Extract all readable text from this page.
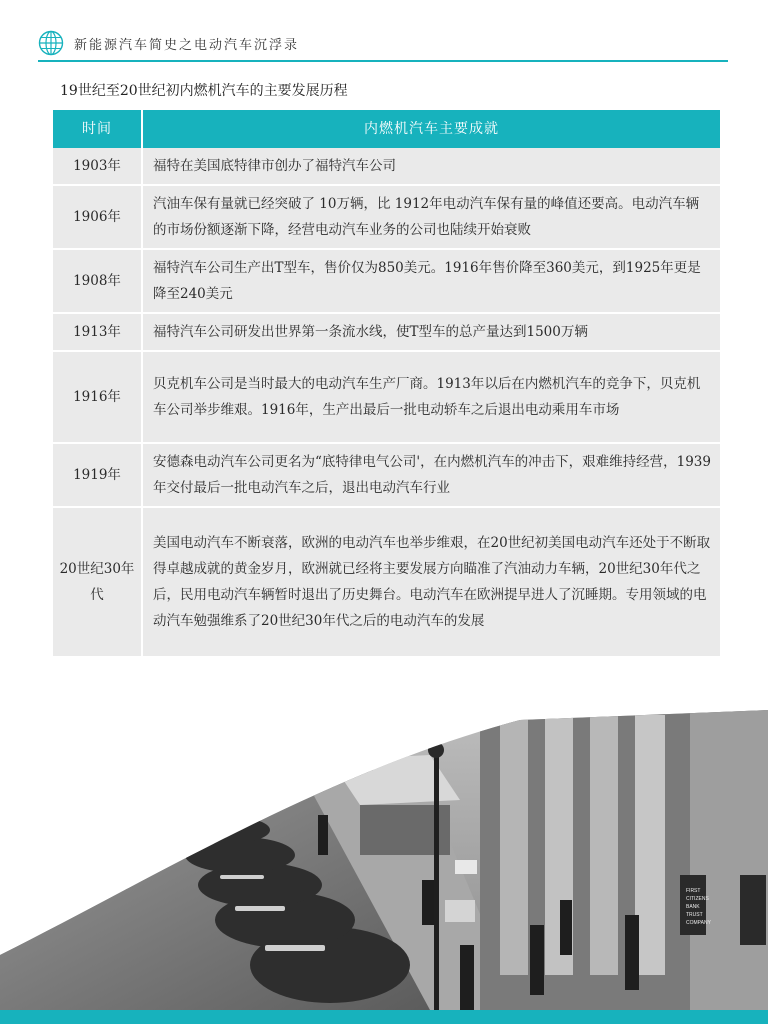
新能源汽车简史之电动汽车沉浮录
19世纪至20世纪初内燃机汽车的主要发展历程
时间	内燃机汽车主要成就
1903年	福特在美国底特律市创办了福特汽车公司
1906年	汽油车保有量就已经突破了 10万辆，比 1912年电动汽车保有量的峰值还要高。电动汽车辆的市场份额逐渐下降，经营电动汽车业务的公司也陆续开始衰败
1908年	福特汽车公司生产出T型车，售价仅为850美元。1916年售价降至360美元，到1925年更是降至240美元
1913年	福特汽车公司研发出世界第一条流水线，使T型车的总产量达到1500万辆
1916年	贝克机车公司是当时最大的电动汽车生产厂商。1913年以后在内燃机汽车的竞争下，贝克机车公司举步维艰。1916年，生产出最后一批电动轿车之后退出电动乘用车市场
1919年	安德森电动汽车公司更名为“底特律电气公司'，在内燃机汽车的冲击下，艰难维持经营，1939年交付最后一批电动汽车之后，退出电动汽车行业
20世纪30年代	美国电动汽车不断衰落，欧洲的电动汽车也举步维艰，在20世纪初美国电动汽车还处于不断取得卓越成就的黄金岁月，欧洲就已经将主要发展方向瞄准了汽油动力车辆，20世纪30年代之后，民用电动汽车辆暂时退出了历史舞台。电动汽车在欧洲提早进人了沉睡期。专用领域的电动汽车勉强维系了20世纪30年代之后的电动汽车的发展
FIRST
CITIZENS
BANK
TRUST
COMPANY
